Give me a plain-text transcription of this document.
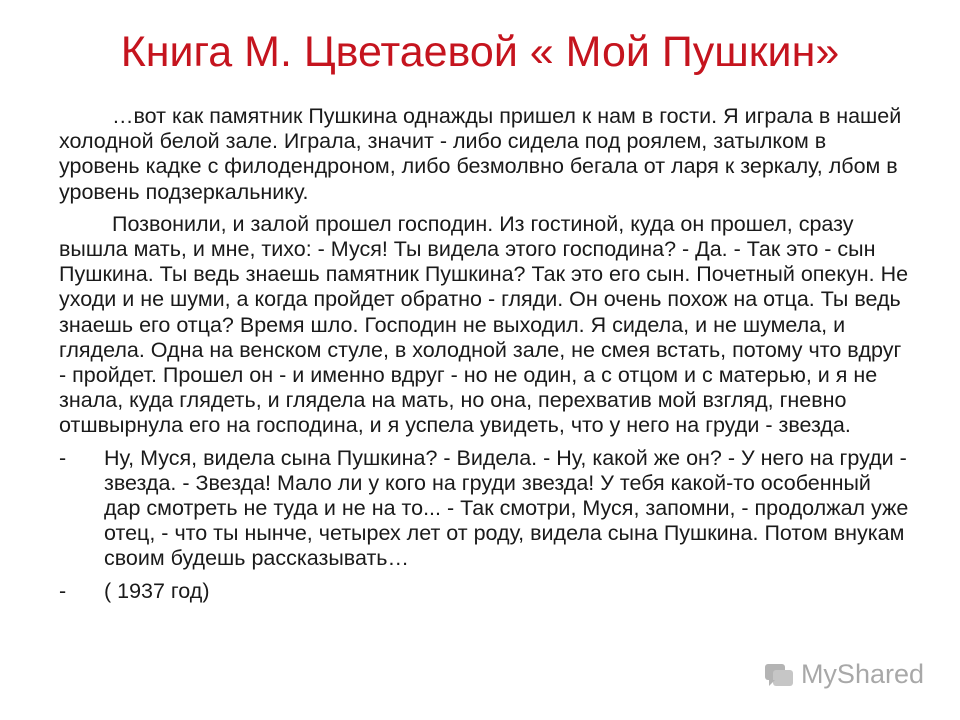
Книга М. Цветаевой « Мой Пушкин»

…вот как памятник Пушкина однажды пришел к нам в гости. Я играла в нашей холодной белой зале. Играла, значит - либо сидела под роялем, затылком в уровень кадке с филодендроном, либо безмолвно бегала от ларя к зеркалу, лбом в уровень подзеркальнику.

Позвонили, и залой прошел господин. Из гостиной, куда он прошел, сразу вышла мать, и мне, тихо: - Муся! Ты видела этого господина? - Да. - Так это - сын Пушкина. Ты ведь знаешь памятник Пушкина? Так это его сын. Почетный опекун. Не уходи и не шуми, а когда пройдет обратно - гляди. Он очень похож на отца. Ты ведь знаешь его отца? Время шло. Господин не выходил. Я сидела, и не шумела, и глядела. Одна на венском стуле, в холодной зале, не смея встать, потому что вдруг - пройдет. Прошел он - и именно вдруг - но не один, а с отцом и с матерью, и я не знала, куда глядеть, и глядела на мать, но она, перехватив мой взгляд, гневно отшвырнула его на господина, и я успела увидеть, что у него на груди - звезда.

-	Ну, Муся, видела сына Пушкина? - Видела. - Ну, какой же он? - У него на груди - звезда. - Звезда! Мало ли у кого на груди звезда! У тебя какой-то особенный дар смотреть не туда и не на то... - Так смотри, Муся, запомни, - продолжал уже отец, - что ты нынче, четырех лет от роду, видела сына Пушкина. Потом внукам своим будешь рассказывать…
-	( 1937 год)
MyShared
